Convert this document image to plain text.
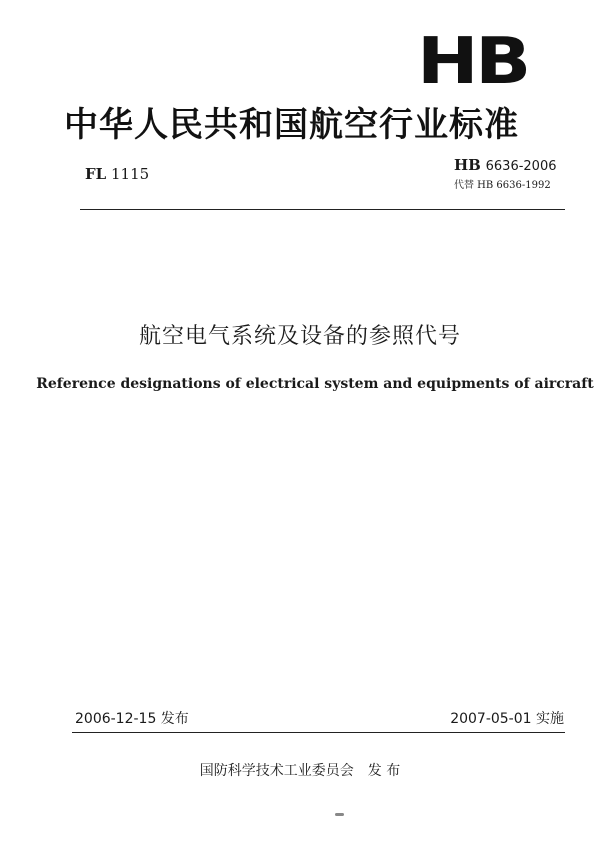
HB
中华人民共和国航空行业标准
FL 1115	HB 6636-2006
代替 HB 6636-1992
航空电气系统及设备的参照代号
Reference designations of electrical system and equipments of aircraft
2006-12-15 发布	2007-05-01 实施
国防科学技术工业委员会 发 布
